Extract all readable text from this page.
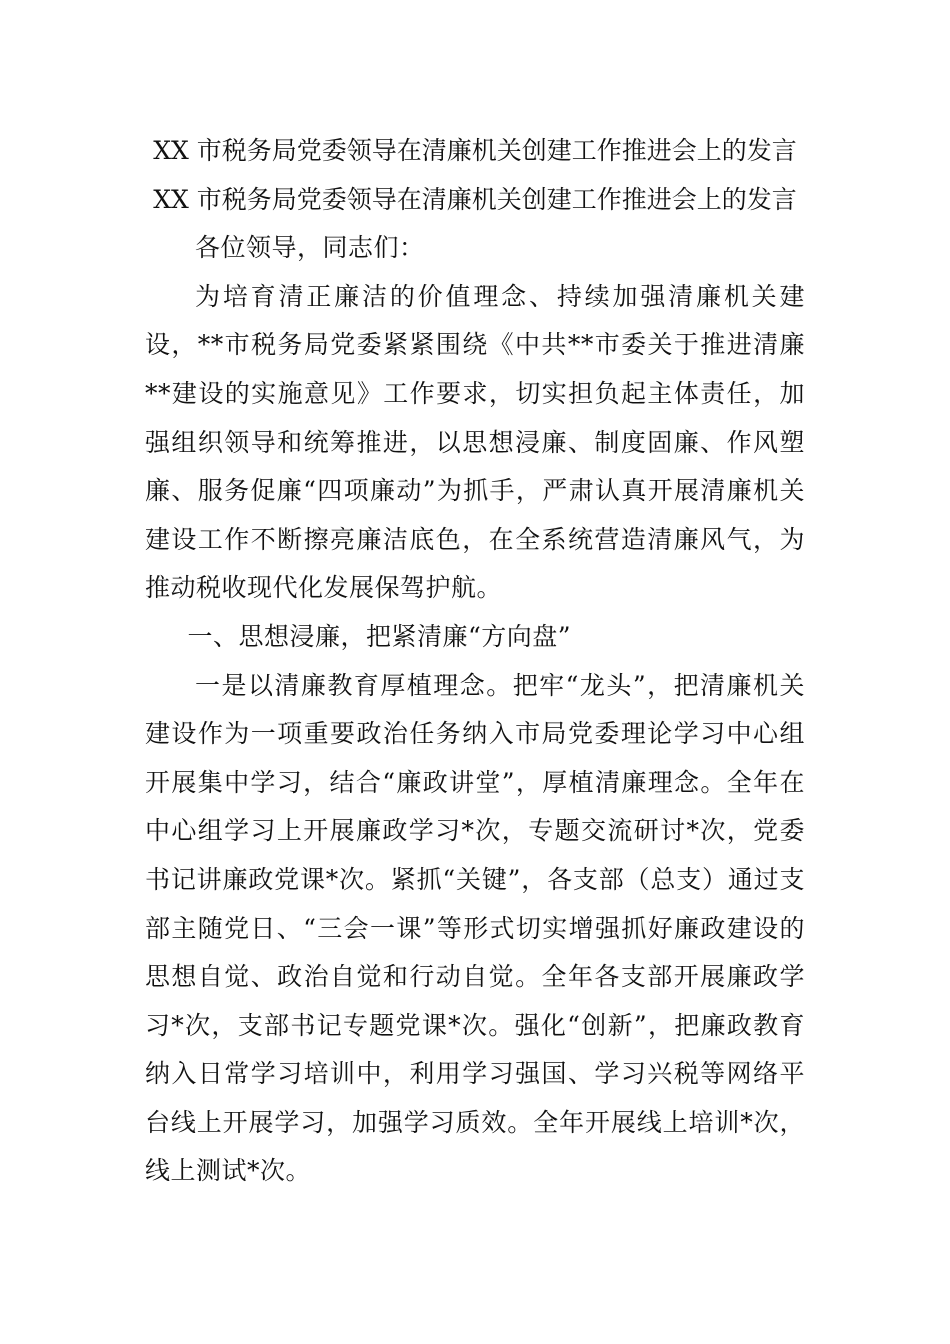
XX 市税务局党委领导在清廉机关创建工作推进会上的发言
XX 市税务局党委领导在清廉机关创建工作推进会上的发言

各位领导，同志们：

为培育清正廉洁的价值理念、持续加强清廉机关建设，**市税务局党委紧紧围绕《中共**市委关于推进清廉**建设的实施意见》工作要求，切实担负起主体责任，加强组织领导和统筹推进，以思想浸廉、制度固廉、作风塑廉、服务促廉“四项廉动”为抓手，严肃认真开展清廉机关建设工作不断擦亮廉洁底色，在全系统营造清廉风气，为推动税收现代化发展保驾护航。

一、思想浸廉，把紧清廉“方向盘”

一是以清廉教育厚植理念。把牢“龙头”，把清廉机关建设作为一项重要政治任务纳入市局党委理论学习中心组开展集中学习，结合“廉政讲堂”，厚植清廉理念。全年在中心组学习上开展廉政学习*次，专题交流研讨*次，党委书记讲廉政党课*次。紧抓“关键”，各支部（总支）通过支部主随党日、“三会一课”等形式切实增强抓好廉政建设的思想自觉、政治自觉和行动自觉。全年各支部开展廉政学习*次，支部书记专题党课*次。强化“创新”，把廉政教育纳入日常学习培训中，利用学习强国、学习兴税等网络平台线上开展学习，加强学习质效。全年开展线上培训*次，线上测试*次。
